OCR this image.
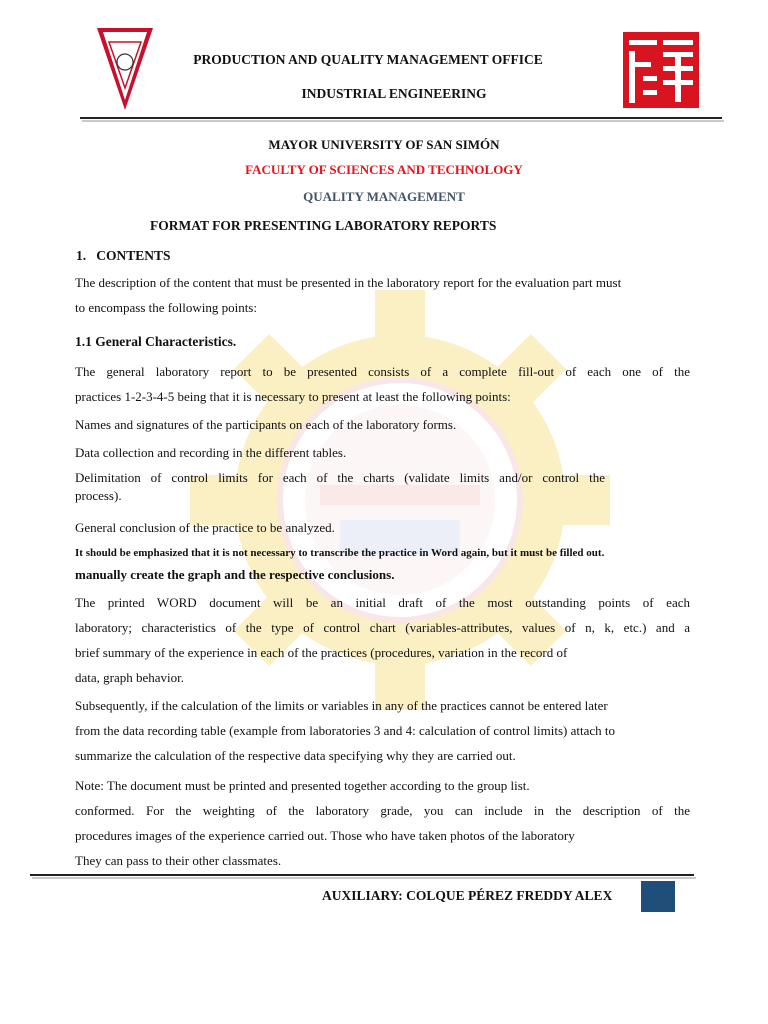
UMSS
PRODUCTION AND QUALITY MANAGEMENT OFFICE
INDUSTRIAL ENGINEERING
MAYOR UNIVERSITY OF SAN SIMÓN
FACULTY OF SCIENCES AND TECHNOLOGY
QUALITY MANAGEMENT
FORMAT FOR PRESENTING LABORATORY REPORTS
1.   CONTENTS
The description of the content that must be presented in the laboratory report for the evaluation part must
to encompass the following points:
1.1 General Characteristics.
The general laboratory report to be presented consists of a complete fill-out of each one of the
practices 1-2-3-4-5 being that it is necessary to present at least the following points:
Names and signatures of the participants on each of the laboratory forms.
Data collection and recording in the different tables.
Delimitation of control limits for each of the charts (validate limits and/or control the
process).
General conclusion of the practice to be analyzed.
It should be emphasized that it is not necessary to transcribe the practice in Word again, but it must be filled out.
manually create the graph and the respective conclusions.
The printed WORD document will be an initial draft of the most outstanding points of each
laboratory; characteristics of the type of control chart (variables-attributes, values of n, k, etc.) and a
brief summary of the experience in each of the practices (procedures, variation in the record of
data, graph behavior.
Subsequently, if the calculation of the limits or variables in any of the practices cannot be entered later
from the data recording table (example from laboratories 3 and 4: calculation of control limits) attach to
summarize the calculation of the respective data specifying why they are carried out.
Note: The document must be printed and presented together according to the group list.
conformed. For the weighting of the laboratory grade, you can include in the description of the
procedures images of the experience carried out. Those who have taken photos of the laboratory
They can pass to their other classmates.
AUXILIARY: COLQUE PÉREZ FREDDY ALEX
